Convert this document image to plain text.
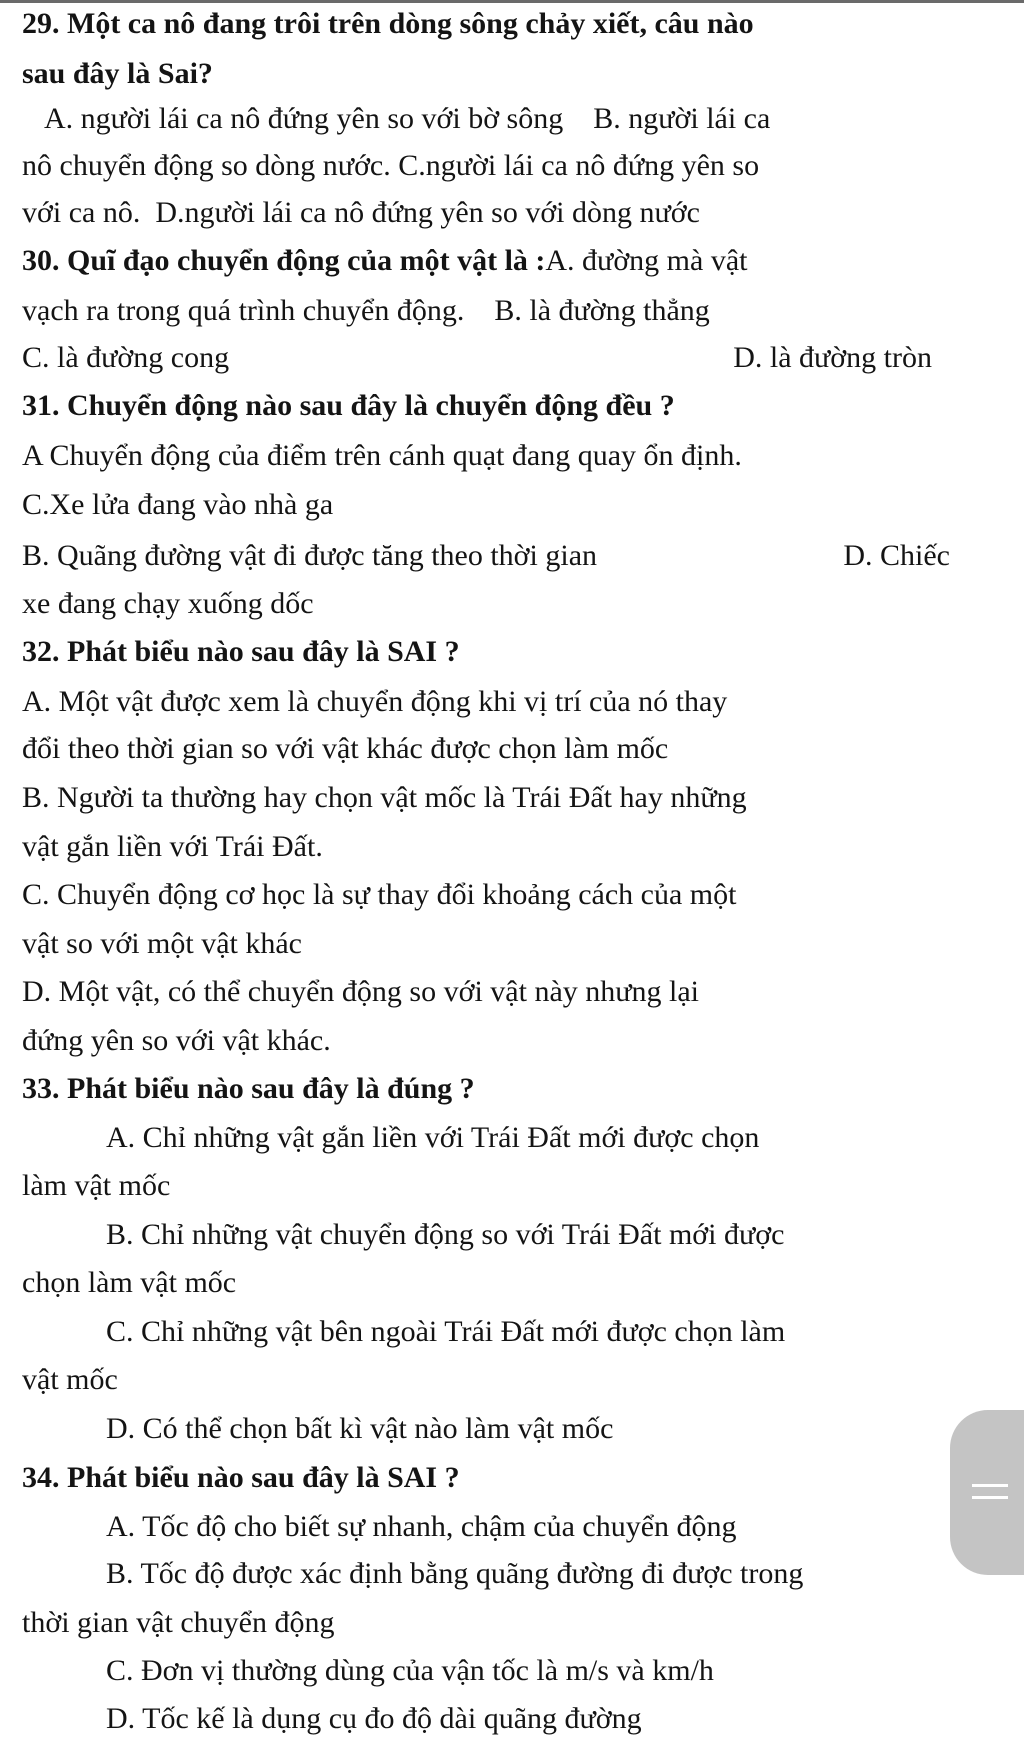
29. Một ca nô đang trôi trên dòng sông chảy xiết, câu nào
sau đây là Sai?
A. người lái ca nô đứng yên so với bờ sông    B. người lái ca
nô chuyển động so dòng nước. C.người lái ca nô đứng yên so
với ca nô.  D.người lái ca nô đứng yên so với dòng nước
30. Quĩ đạo chuyển động của một vật là :A. đường mà vật
vạch ra trong quá trình chuyển động.    B. là đường thẳng
C. là đường cong	D. là đường tròn
31. Chuyển động nào sau đây là chuyển động đều ?
A Chuyển động của điểm trên cánh quạt đang quay ổn định.
C.Xe lửa đang vào nhà ga
B. Quãng đường vật đi được tăng theo thời gian	D. Chiếc
xe đang chạy xuống dốc
32. Phát biểu nào sau đây là SAI ?
A. Một vật được xem là chuyển động khi vị trí của nó thay
đổi theo thời gian so với vật khác được chọn làm mốc
B. Người ta thường hay chọn vật mốc là Trái Đất hay những
vật gắn liền với Trái Đất.
C. Chuyển động cơ học là sự thay đổi khoảng cách của một
vật so với một vật khác
D. Một vật, có thể chuyển động so với vật này nhưng lại
đứng yên so với vật khác.
33. Phát biểu nào sau đây là đúng ?
A. Chỉ những vật gắn liền với Trái Đất mới được chọn
làm vật mốc
B. Chỉ những vật chuyển động so với Trái Đất mới được
chọn làm vật mốc
C. Chỉ những vật bên ngoài Trái Đất mới được chọn làm
vật mốc
D. Có thể chọn bất kì vật nào làm vật mốc
34. Phát biểu nào sau đây là SAI ?
A. Tốc độ cho biết sự nhanh, chậm của chuyển động
B. Tốc độ được xác định bằng quãng đường đi được trong
thời gian vật chuyển động
C. Đơn vị thường dùng của vận tốc là m/s và km/h
D. Tốc kế là dụng cụ đo độ dài quãng đường
